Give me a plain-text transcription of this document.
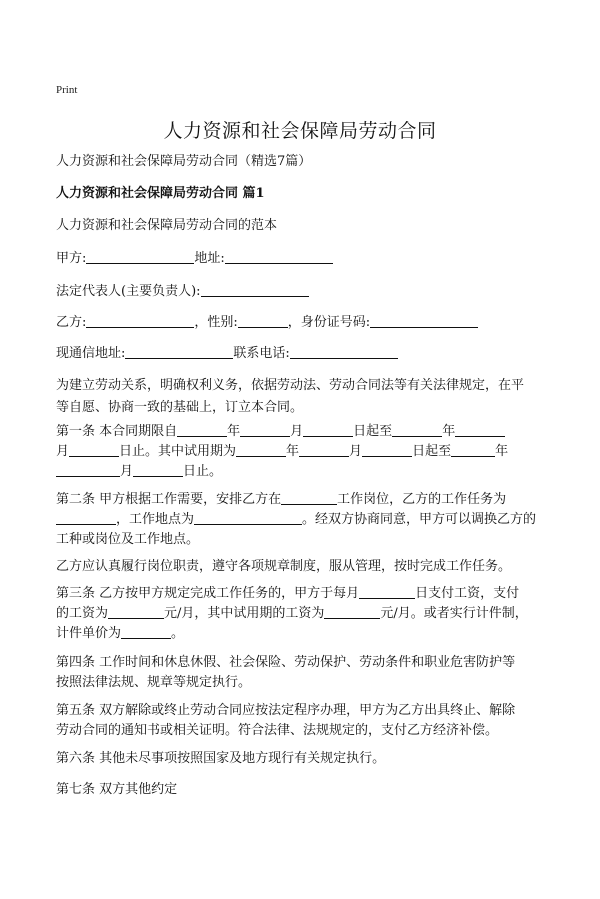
Print
人力资源和社会保障局劳动合同
人力资源和社会保障局劳动合同（精选7篇）
人力资源和社会保障局劳动合同 篇1
人力资源和社会保障局劳动合同的范本
甲方:	地址:
法定代表人(主要负责人):
乙方:	，性别:	，身份证号码:
现通信地址:	联系电话:
为建立劳动关系，明确权利义务，依据劳动法、劳动合同法等有关法律规定，在平
等自愿、协商一致的基础上，订立本合同。
第一条 本合同期限自	年	月	日起至	年
月	日止。其中试用期为	年	月	日起至	年
月	日止。
第二条 甲方根据工作需要，安排乙方在	工作岗位，乙方的工作任务为
，工作地点为	。经双方协商同意，甲方可以调换乙方的
工种或岗位及工作地点。
乙方应认真履行岗位职责，遵守各项规章制度，服从管理，按时完成工作任务。
第三条 乙方按甲方规定完成工作任务的，甲方于每月	日支付工资，支付
的工资为	元/月，其中试用期的工资为	元/月。或者实行计件制，
计件单价为	。
第四条 工作时间和休息休假、社会保险、劳动保护、劳动条件和职业危害防护等
按照法律法规、规章等规定执行。
第五条 双方解除或终止劳动合同应按法定程序办理，甲方为乙方出具终止、解除
劳动合同的通知书或相关证明。符合法律、法规规定的，支付乙方经济补偿。
第六条 其他未尽事项按照国家及地方现行有关规定执行。
第七条 双方其他约定
